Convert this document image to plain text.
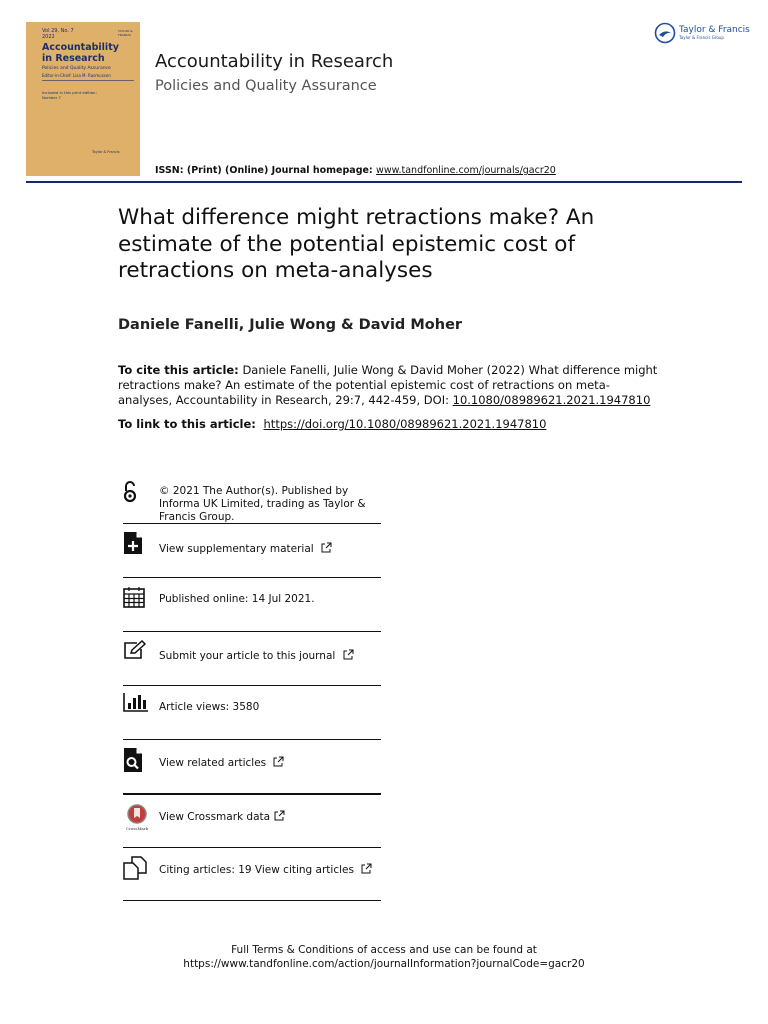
Vol 29, No. 7
2022
TAYLOR & FRANCIS
Accountability in Research
Policies and Quality Assurance
Editor-in-Chief: Lisa M. Rasmussen
Included in this print edition: Number 7
Taylor & Francis
Accountability in Research
Policies and Quality Assurance
ISSN: (Print) (Online) Journal homepage: www.tandfonline.com/journals/gacr20
Taylor & Francis
Taylor & Francis Group
What difference might retractions make? An estimate of the potential epistemic cost of retractions on meta-analyses
Daniele Fanelli, Julie Wong & David Moher
To cite this article: Daniele Fanelli, Julie Wong & David Moher (2022) What difference might retractions make? An estimate of the potential epistemic cost of retractions on meta-analyses, Accountability in Research, 29:7, 442-459, DOI: 10.1080/08989621.2021.1947810
To link to this article: https://doi.org/10.1080/08989621.2021.1947810
© 2021 The Author(s). Published by Informa UK Limited, trading as Taylor & Francis Group.
View supplementary material
Published online: 14 Jul 2021.
Submit your article to this journal
Article views: 3580
View related articles
CrossMark
View Crossmark data
Citing articles: 19 View citing articles
Full Terms & Conditions of access and use can be found at
https://www.tandfonline.com/action/journalInformation?journalCode=gacr20
